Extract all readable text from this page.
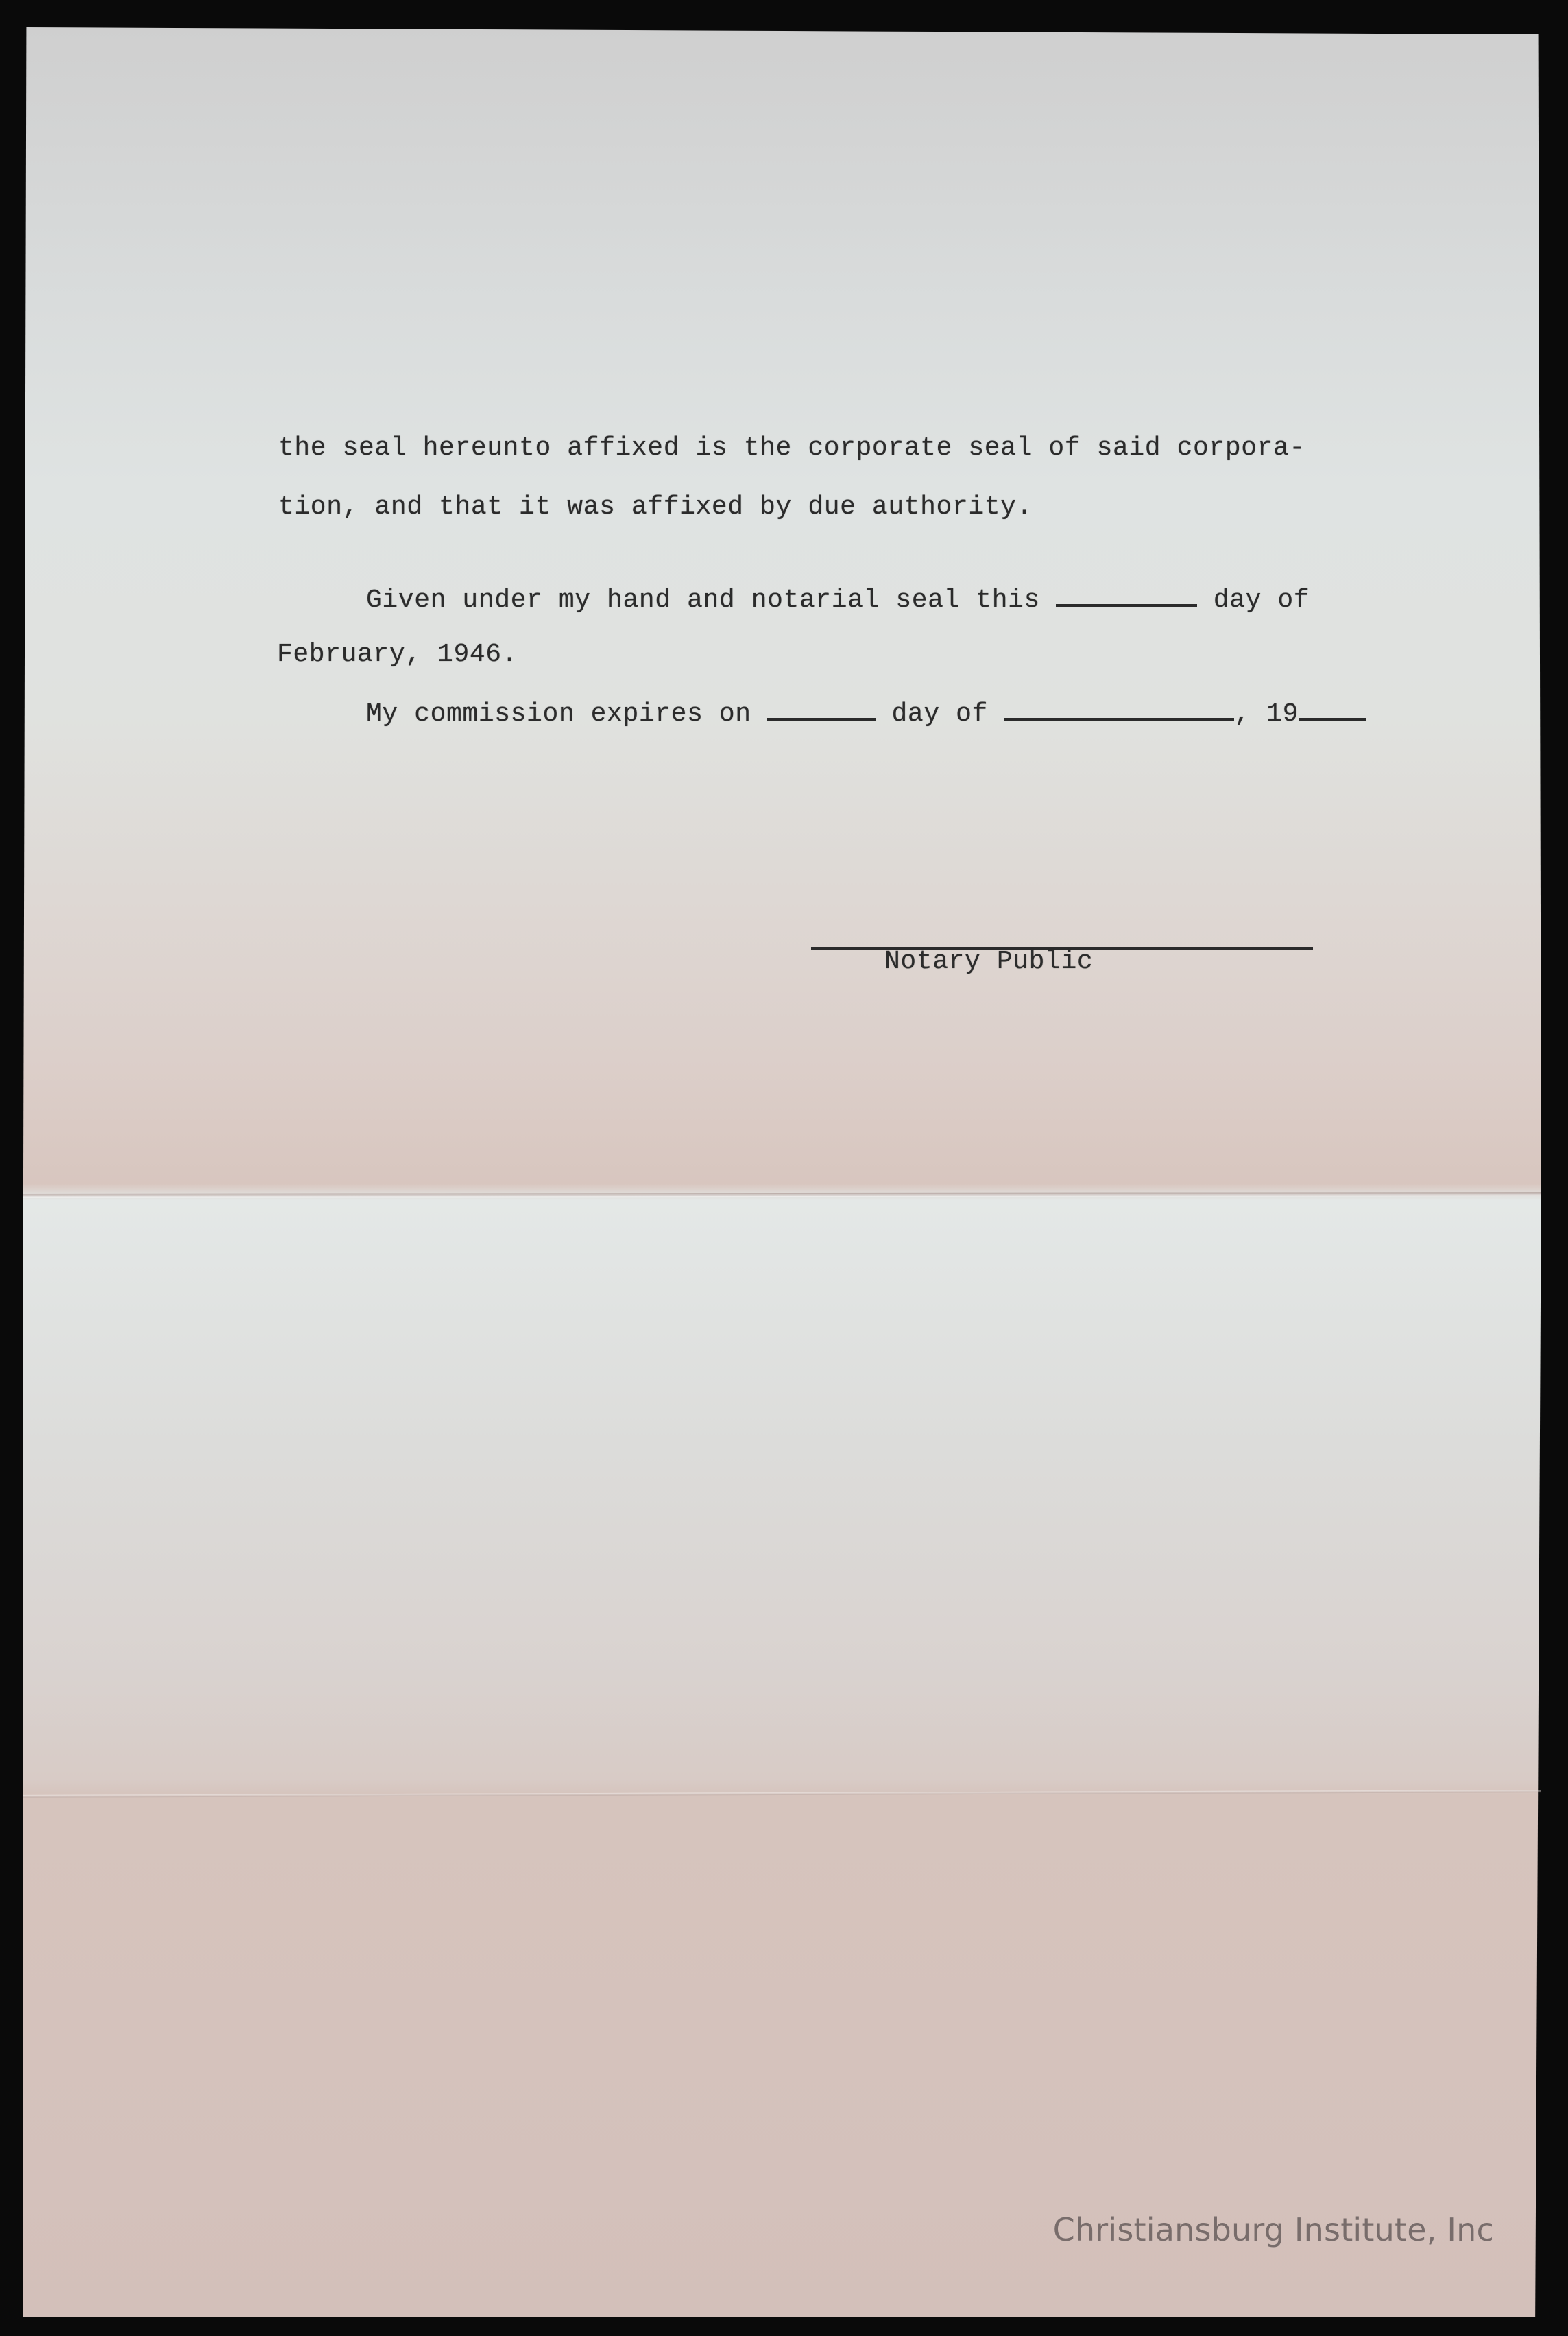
the seal hereunto affixed is the corporate seal of said corpora-
tion, and that it was affixed by due authority.
Given under my hand and notarial seal this	day of
February, 1946.
My commission expires on	day of	, 19
Notary Public
Christiansburg Institute, Inc
